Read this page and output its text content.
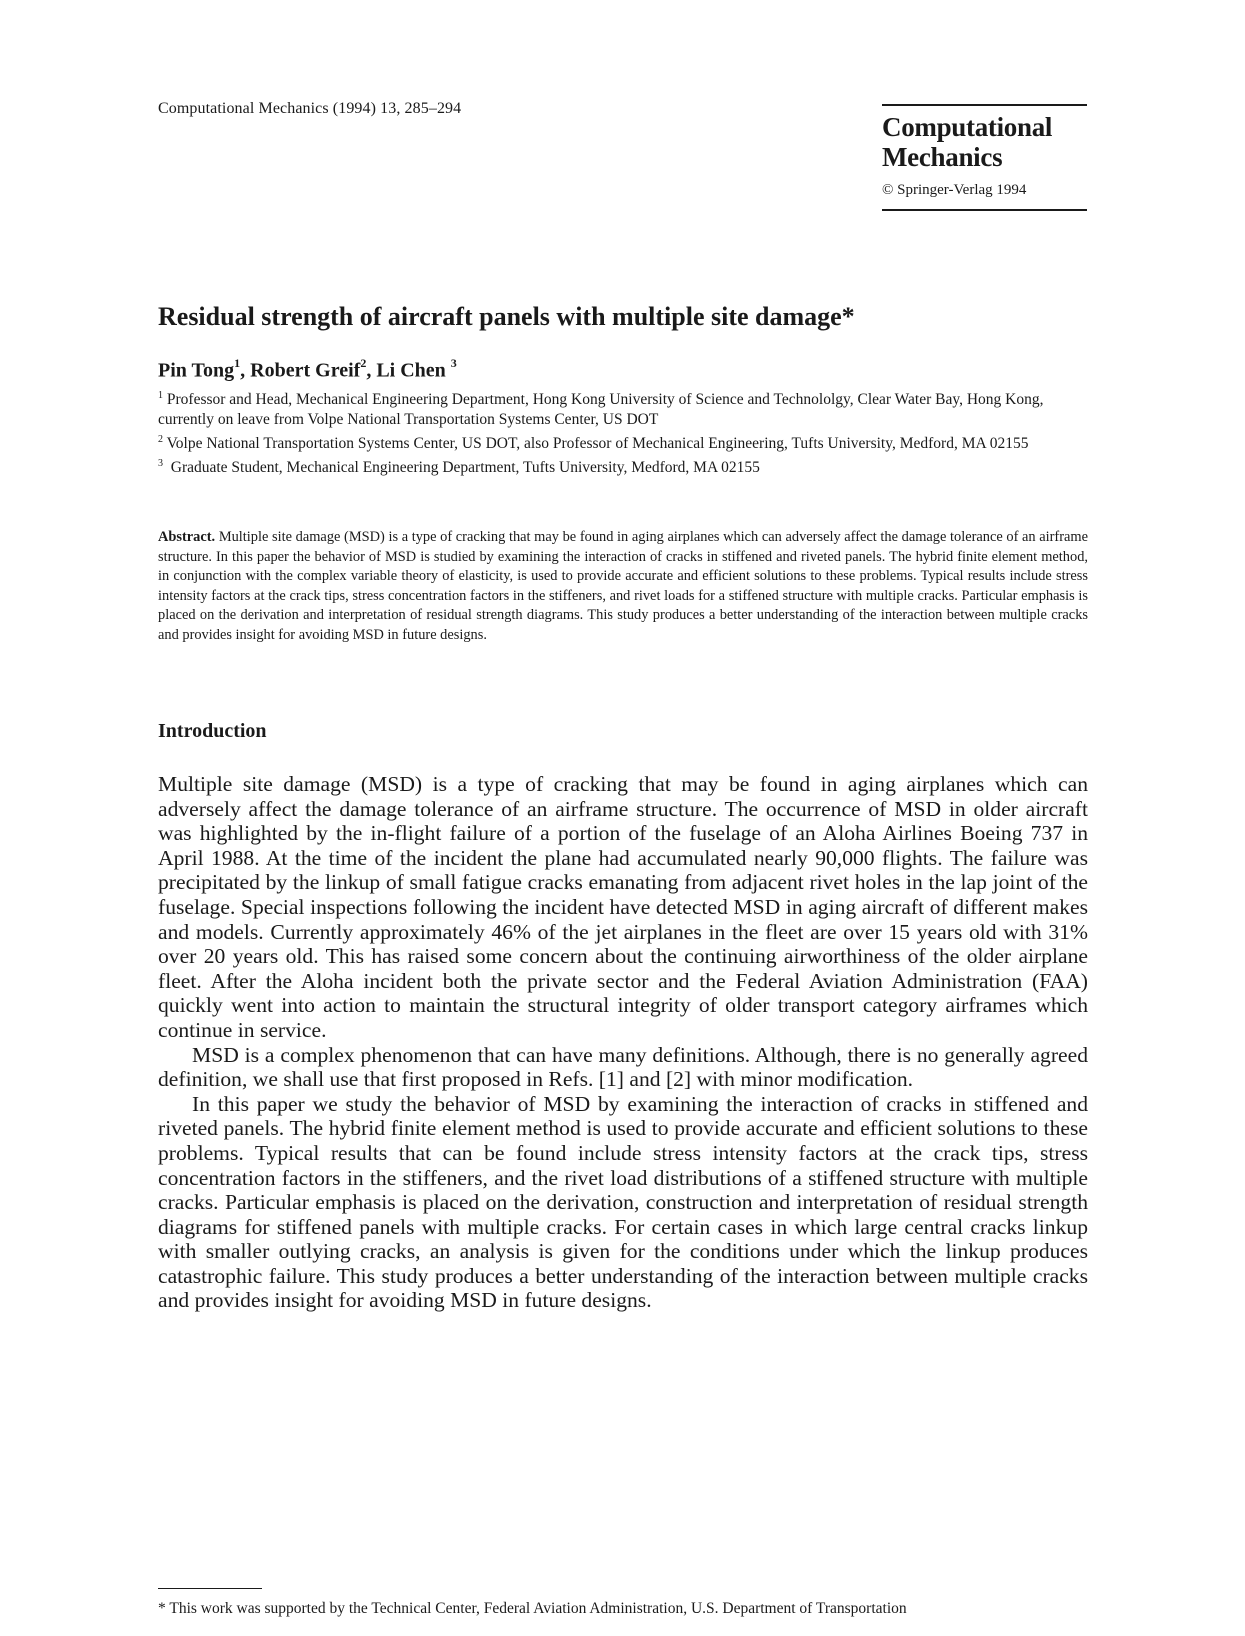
Computational Mechanics (1994) 13, 285–294
Computational
Mechanics
© Springer-Verlag 1994
Residual strength of aircraft panels with multiple site damage*
Pin Tong$^1$, Robert Greif$^2$, Li Chen $^3$

$^1$ Professor and Head, Mechanical Engineering Department, Hong Kong University of Science and Technololgy, Clear Water Bay, Hong Kong, currently on leave from Volpe National Transportation Systems Center, US DOT

$^2$ Volpe National Transportation Systems Center, US DOT, also Professor of Mechanical Engineering, Tufts University, Medford, MA 02155

$^3$ Graduate Student, Mechanical Engineering Department, Tufts University, Medford, MA 02155

Abstract. Multiple site damage (MSD) is a type of cracking that may be found in aging airplanes which can adversely affect the damage tolerance of an airframe structure. In this paper the behavior of MSD is studied by examining the interaction of cracks in stiffened and riveted panels. The hybrid finite element method, in conjunction with the complex variable theory of elasticity, is used to provide accurate and efficient solutions to these problems. Typical results include stress intensity factors at the crack tips, stress concentration factors in the stiffeners, and rivet loads for a stiffened structure with multiple cracks. Particular emphasis is placed on the derivation and interpretation of residual strength diagrams. This study produces a better understanding of the interaction between multiple cracks and provides insight for avoiding MSD in future designs.
Introduction

Multiple site damage (MSD) is a type of cracking that may be found in aging airplanes which can adversely affect the damage tolerance of an airframe structure. The occurrence of MSD in older aircraft was highlighted by the in-flight failure of a portion of the fuselage of an Aloha Airlines Boeing 737 in April 1988. At the time of the incident the plane had accumulated nearly 90,000 flights. The failure was precipitated by the linkup of small fatigue cracks emanating from adjacent rivet holes in the lap joint of the fuselage. Special inspections following the incident have detected MSD in aging aircraft of different makes and models. Currently approximately 46% of the jet airplanes in the fleet are over 15 years old with 31% over 20 years old. This has raised some concern about the continuing airworthiness of the older airplane fleet. After the Aloha incident both the private sector and the Federal Aviation Administration (FAA) quickly went into action to maintain the structural integrity of older transport category airframes which continue in service.

MSD is a complex phenomenon that can have many definitions. Although, there is no generally agreed definition, we shall use that first proposed in Refs. [1] and [2] with minor modification.

In this paper we study the behavior of MSD by examining the interaction of cracks in stiffened and riveted panels. The hybrid finite element method is used to provide accurate and efficient solutions to these problems. Typical results that can be found include stress intensity factors at the crack tips, stress concentration factors in the stiffeners, and the rivet load distributions of a stiffened structure with multiple cracks. Particular emphasis is placed on the derivation, construction and interpretation of residual strength diagrams for stiffened panels with multiple cracks. For certain cases in which large central cracks linkup with smaller outlying cracks, an analysis is given for the conditions under which the linkup produces catastrophic failure. This study produces a better understanding of the interaction between multiple cracks and provides insight for avoiding MSD in future designs.

* This work was supported by the Technical Center, Federal Aviation Administration, U.S. Department of Transportation
